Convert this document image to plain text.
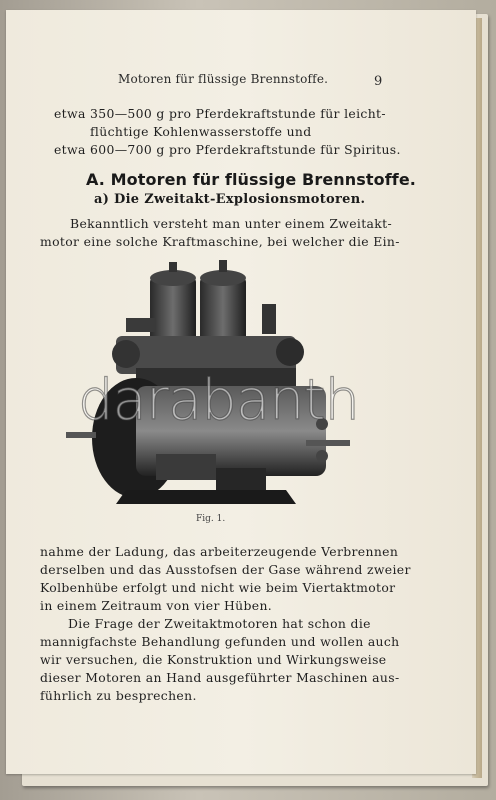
Motoren für flüssige Brennstoffe.	9
etwa 350—500 g pro Pferdekraftstunde für leicht-
flüchtige Kohlenwasserstoffe und
etwa 600—700 g pro Pferdekraftstunde für Spiritus.
A. Motoren für flüssige Brennstoffe.
a) Die Zweitakt-Explosionsmotoren.
Bekanntlich versteht man unter einem Zweitakt-
motor eine solche Kraftmaschine, bei welcher die Ein-
Fig. 1.
nahme der Ladung, das arbeiterzeugende Verbrennen
derselben und das Ausstofsen der Gase während zweier
Kolbenhübe erfolgt und nicht wie beim Viertaktmotor
in einem Zeitraum von vier Hüben.
Die Frage der Zweitaktmotoren hat schon die
mannigfachste Behandlung gefunden und wollen auch
wir versuchen, die Konstruktion und Wirkungsweise
dieser Motoren an Hand ausgeführter Maschinen aus-
führlich zu besprechen.
darabanth
